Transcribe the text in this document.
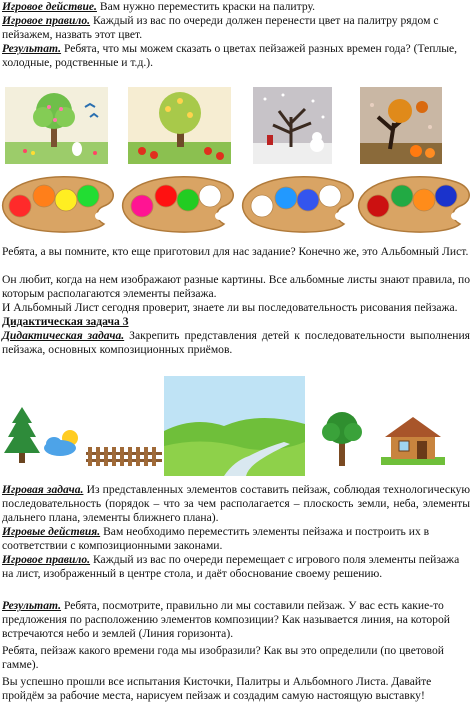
Игровое действие. Вам нужно переместить краски на палитру.

Игровое правило. Каждый из вас по очереди должен перенести цвет на палитру рядом с пейзажем, назвать этот цвет.

Результат. Ребята, что мы можем сказать о цветах пейзажей разных времен года? (Теплые, холодные, родственные и т.д.).

Ребята, а вы помните, кто еще приготовил для нас задание? Конечно же, это Альбомный Лист.

Он любит, когда на нем изображают разные картины. Все альбомные листы знают правила, по которым располагаются элементы пейзажа.

И Альбомный Лист сегодня проверит, знаете ли вы последовательность рисования пейзажа.

Дидактическая задача 3

Дидактическая задача. Закрепить представления детей к последовательности выполнения пейзажа, основных композиционных приёмов.

Игровая задача. Из представленных элементов составить пейзаж, соблюдая технологическую последовательность (порядок – что за чем располагается – плоскость земли, неба, элементы дальнего плана, элементы ближнего плана).

Игровые действия. Вам необходимо переместить элементы пейзажа и построить их в соответствии с композиционными законами.

Игровое правило. Каждый из вас по очереди перемещает с игрового поля элементы пейзажа на лист, изображенный в центре стола, и даёт обоснование своему решению.

Результат. Ребята, посмотрите, правильно ли мы составили пейзаж. У вас есть какие-то предложения по расположению элементов композиции? Как называется линия, на которой встречаются небо и землей (Линия горизонта).

Ребята, пейзаж какого времени года мы изобразили? Как вы это определили (по цветовой гамме).

Вы успешно прошли все испытания Кисточки, Палитры и Альбомного Листа. Давайте пройдём за рабочие места, нарисуем пейзаж и создадим самую настоящую выставку!
